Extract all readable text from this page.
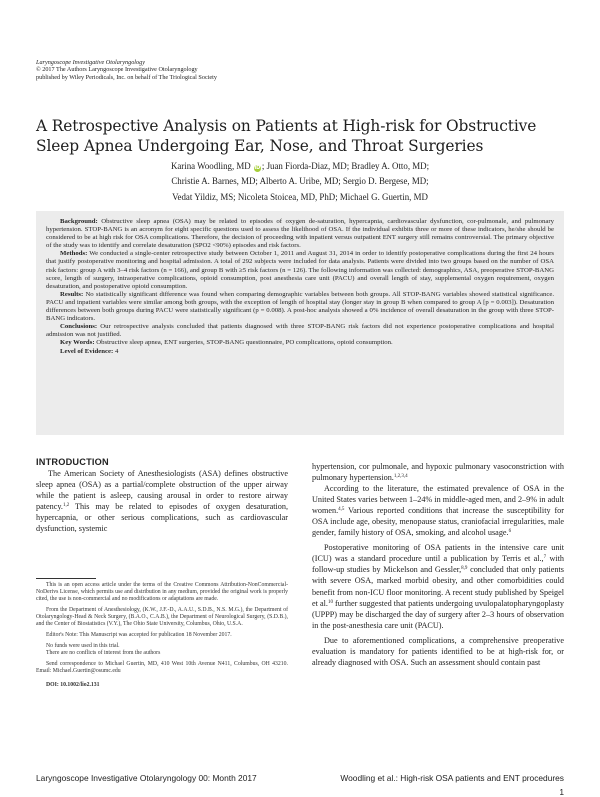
Laryngoscope Investigative Otolaryngology
© 2017 The Authors Laryngoscope Investigative Otolaryngology
published by Wiley Periodicals, Inc. on behalf of The Triological Society
A Retrospective Analysis on Patients at High-risk for Obstructive Sleep Apnea Undergoing Ear, Nose, and Throat Surgeries
Karina Woodling, MD iD ; Juan Fiorda-Diaz, MD; Bradley A. Otto, MD;
Christie A. Barnes, MD; Alberto A. Uribe, MD; Sergio D. Bergese, MD;
Vedat Yildiz, MS; Nicoleta Stoicea, MD, PhD; Michael G. Guertin, MD

Background: Obstructive sleep apnea (OSA) may be related to episodes of oxygen de-saturation, hypercapnia, cardiovascular dysfunction, cor-pulmonale, and pulmonary hypertension. STOP-BANG is an acronym for eight specific questions used to assess the likelihood of OSA. If the individual exhibits three or more of these indicators, he/she should be considered to be at high risk for OSA complications. Therefore, the decision of proceeding with inpatient versus outpatient ENT surgery still remains controversial. The primary objective of the study was to identify and correlate desaturation (SPO2 <90%) episodes and risk factors.

Methods: We conducted a single-center retrospective study between October 1, 2011 and August 31, 2014 in order to identify postoperative complications during the first 24 hours that justify postoperative monitoring and hospital admission. A total of 292 subjects were included for data analysis. Patients were divided into two groups based on the number of OSA risk factors: group A with 3–4 risk factors (n = 166), and group B with ≥5 risk factors (n = 126). The following information was collected: demographics, ASA, preoperative STOP-BANG score, length of surgery, intraoperative complications, opioid consumption, post anesthesia care unit (PACU) and overall length of stay, supplemental oxygen requirement, oxygen desaturation, and postoperative opioid consumption.

Results: No statistically significant difference was found when comparing demographic variables between both groups. All STOP-BANG variables showed statistical significance. PACU and inpatient variables were similar among both groups, with the exception of length of hospital stay (longer stay in group B when compared to group A [p = 0.003]). Desaturation differences between both groups during PACU were statistically significant (p = 0.008). A post-hoc analysis showed a 0% incidence of overall desaturation in the group with three STOP-BANG indicators.

Conclusions: Our retrospective analysis concluded that patients diagnosed with three STOP-BANG risk factors did not experience postoperative complications and hospital admission was not justified.

Key Words: Obstructive sleep apnea, ENT surgeries, STOP-BANG questionnaire, PO complications, opioid consumption.

Level of Evidence: 4

INTRODUCTION

The American Society of Anesthesiologists (ASA) defines obstructive sleep apnea (OSA) as a partial/complete obstruction of the upper airway while the patient is asleep, causing arousal in order to restore airway patency.$^{1,2}$ This may be related to episodes of oxygen desaturation, hypercapnia, or other serious complications, such as cardiovascular dysfunction, systemic

This is an open access article under the terms of the Creative Commons Attribution-NonCommercial-NoDerivs License, which permits use and distribution in any medium, provided the original work is properly cited, the use is non-commercial and no modifications or adaptations are made.

From the Department of Anesthesiology, (K.W., J.F.-D., A.A.U., S.D.B., N.S. M.G.), the Department of Otolaryngology-Head & Neck Surgery, (B.A.O., C.A.B.), the Department of Neurological Surgery, (S.D.B.), and the Center of Biostatistics (V.Y.), The Ohio State University, Columbus, Ohio, U.S.A.

Editor's Note: This Manuscript was accepted for publication 18 November 2017.

No funds were used in this trial.

There are no conflicts of interest from the authors

Send correspondence to Michael Guertin, MD, 410 West 10th Avenue N411, Columbus, OH 43210. Email: Michael.Guertin@osumc.edu

DOI: 10.1002/lio2.131

hypertension, cor pulmonale, and hypoxic pulmonary vasoconstriction with pulmonary hypertension.$^{1,2,3,4}$

According to the literature, the estimated prevalence of OSA in the United States varies between 1–24% in middle-aged men, and 2–9% in adult women.$^{4,5}$ Various reported conditions that increase the susceptibility for OSA include age, obesity, menopause status, craniofacial irregularities, male gender, family history of OSA, smoking, and alcohol usage.$^6$

Postoperative monitoring of OSA patients in the intensive care unit (ICU) was a standard procedure until a publication by Terris et al.,$^7$ with follow-up studies by Mickelson and Gessler,$^{8,9}$ concluded that only patients with severe OSA, marked morbid obesity, and other comorbidities could benefit from non-ICU floor monitoring. A recent study published by Speigel et al.$^{10}$ further suggested that patients undergoing uvulopalatopharyngoplasty (UPPP) may be discharged the day of surgery after 2–3 hours of observation in the post-anesthesia care unit (PACU).

Due to aforementioned complications, a comprehensive preoperative evaluation is mandatory for patients identified to be at high-risk for, or already diagnosed with OSA. Such an assessment should contain past

Laryngoscope Investigative Otolaryngology 00: Month 2017	Woodling et al.: High-risk OSA patients and ENT procedures
1
